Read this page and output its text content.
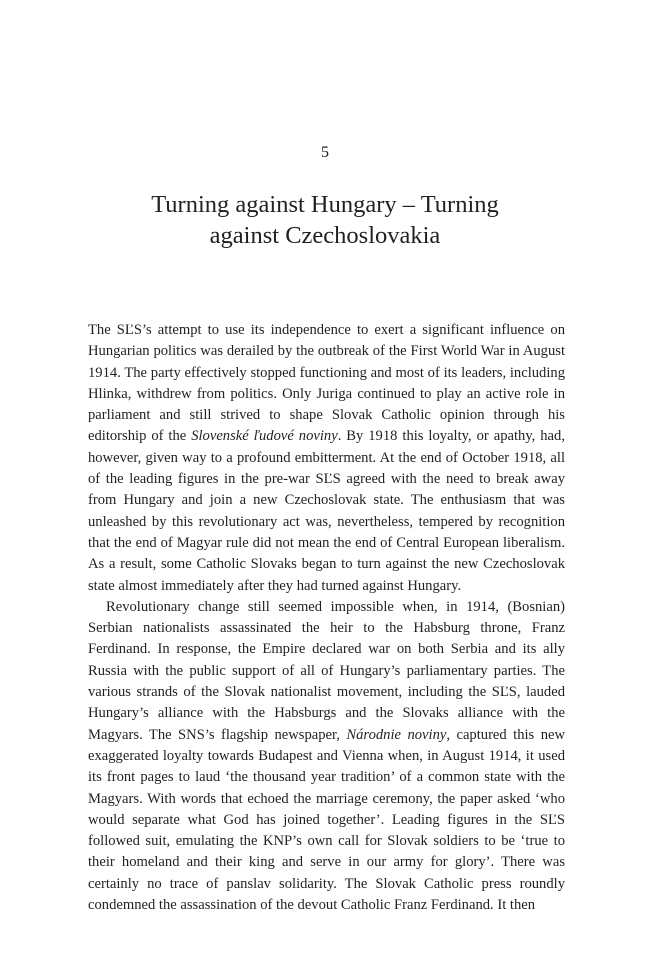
5
Turning against Hungary – Turning
against Czechoslovakia

The SĽS’s attempt to use its independence to exert a significant influence on Hungarian politics was derailed by the outbreak of the First World War in August 1914. The party effectively stopped functioning and most of its leaders, including Hlinka, withdrew from politics. Only Juriga continued to play an active role in parliament and still strived to shape Slovak Catholic opinion through his editorship of the Slovenské ľudové noviny. By 1918 this loyalty, or apathy, had, however, given way to a profound embitterment. At the end of October 1918, all of the leading figures in the pre-war SĽS agreed with the need to break away from Hungary and join a new Czechoslovak state. The enthusiasm that was unleashed by this revolutionary act was, nevertheless, tempered by recognition that the end of Magyar rule did not mean the end of Central European liberalism. As a result, some Catholic Slovaks began to turn against the new Czechoslovak state almost immediately after they had turned against Hungary.

Revolutionary change still seemed impossible when, in 1914, (Bosnian) Serbian nationalists assassinated the heir to the Habsburg throne, Franz Ferdinand. In response, the Empire declared war on both Serbia and its ally Russia with the public support of all of Hungary’s parliamentary parties. The various strands of the Slovak nationalist movement, including the SĽS, lauded Hungary’s alliance with the Habsburgs and the Slovaks alliance with the Magyars. The SNS’s flagship newspaper, Národnie noviny, captured this new exaggerated loyalty towards Budapest and Vienna when, in August 1914, it used its front pages to laud ‘the thousand year tradition’ of a common state with the Magyars. With words that echoed the marriage ceremony, the paper asked ‘who would separate what God has joined together’. Leading figures in the SĽS followed suit, emulating the KNP’s own call for Slovak soldiers to be ‘true to their homeland and their king and serve in our army for glory’. There was certainly no trace of panslav solidarity. The Slovak Catholic press roundly condemned the assassination of the devout Catholic Franz Ferdinand. It then
